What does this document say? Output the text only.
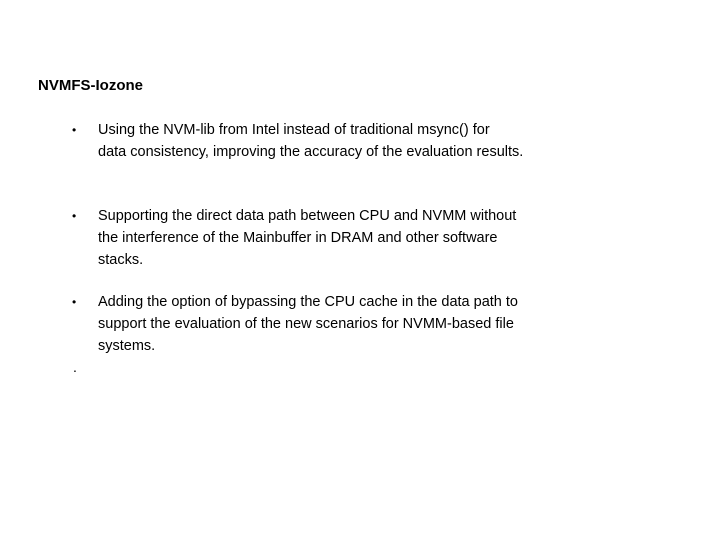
NVMFS-Iozone
•	Using the NVM-lib from Intel instead of traditional msync() for
data consistency, improving the accuracy of the evaluation results.
•	Supporting the direct data path between CPU and NVMM without
the interference of the Mainbuffer in DRAM and other software
stacks.
•	Adding the option of bypassing the CPU cache in the data path to
support the evaluation of the new scenarios for NVMM-based file
systems.
.
